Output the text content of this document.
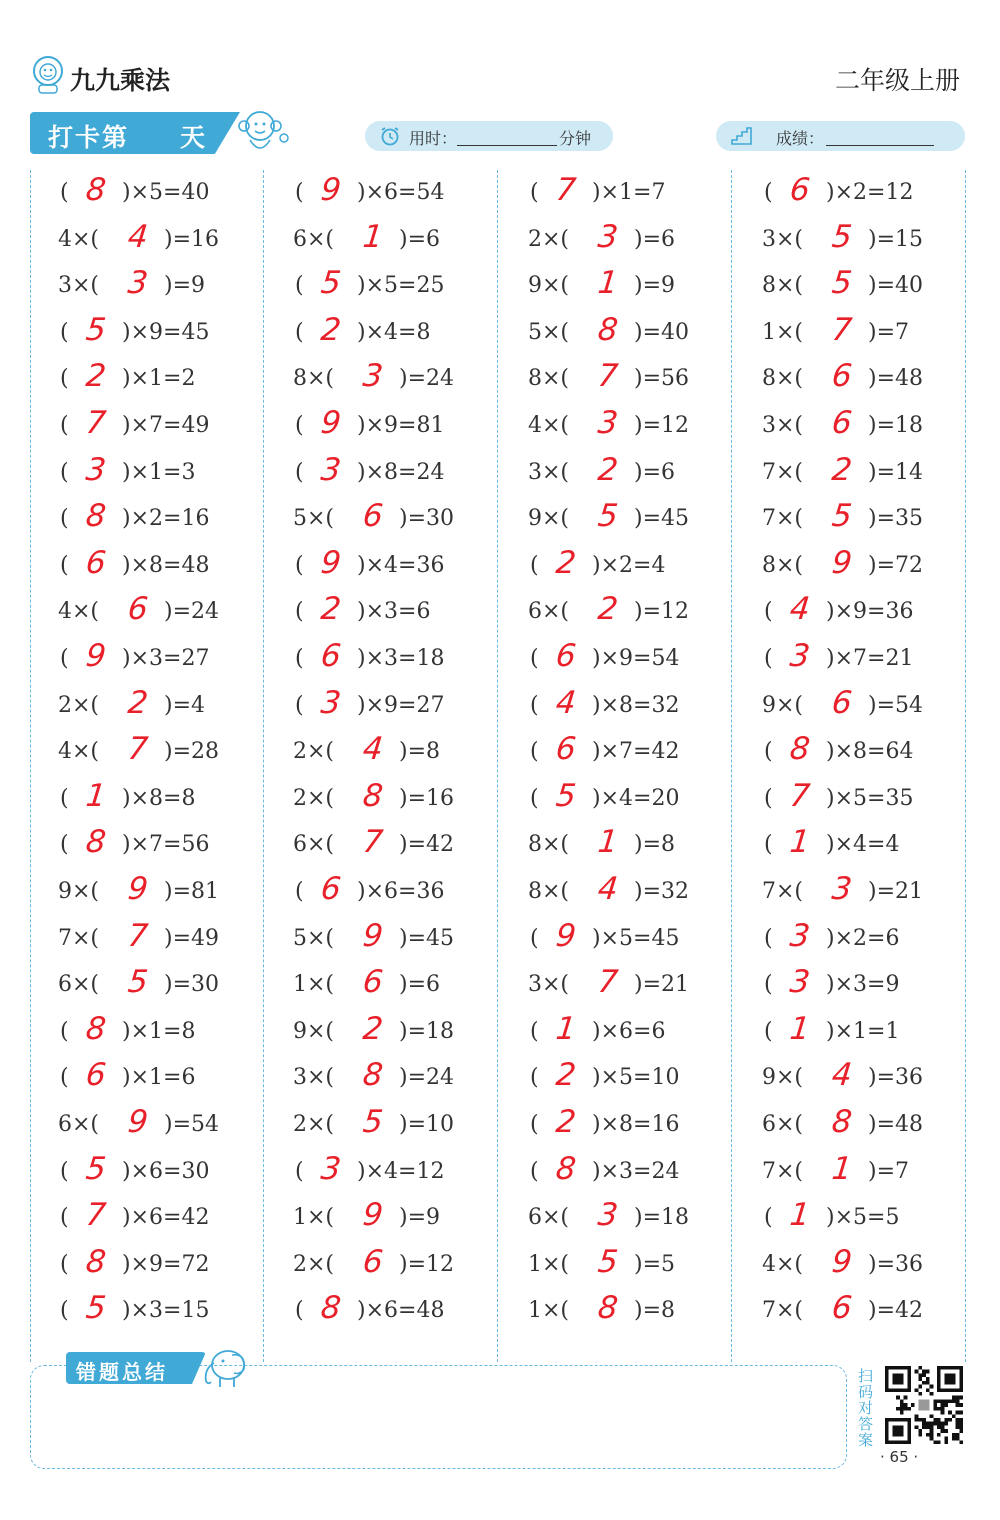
九九乘法	二年级上册
打卡第 天	用时：	分钟	成绩：
( 8 )×5=40
4×( 4 )=16
3×( 3 )=9
( 5 )×9=45
( 2 )×1=2
( 7 )×7=49
( 3 )×1=3
( 8 )×2=16
( 6 )×8=48
4×( 6 )=24
( 9 )×3=27
2×( 2 )=4
4×( 7 )=28
( 1 )×8=8
( 8 )×7=56
9×( 9 )=81
7×( 7 )=49
6×( 5 )=30
( 8 )×1=8
( 6 )×1=6
6×( 9 )=54
( 5 )×6=30
( 7 )×6=42
( 8 )×9=72
( 5 )×3=15
( 9 )×6=54
6×( 1 )=6
( 5 )×5=25
( 2 )×4=8
8×( 3 )=24
( 9 )×9=81
( 3 )×8=24
5×( 6 )=30
( 9 )×4=36
( 2 )×3=6
( 6 )×3=18
( 3 )×9=27
2×( 4 )=8
2×( 8 )=16
6×( 7 )=42
( 6 )×6=36
5×( 9 )=45
1×( 6 )=6
9×( 2 )=18
3×( 8 )=24
2×( 5 )=10
( 3 )×4=12
1×( 9 )=9
2×( 6 )=12
( 8 )×6=48
( 7 )×1=7
2×( 3 )=6
9×( 1 )=9
5×( 8 )=40
8×( 7 )=56
4×( 3 )=12
3×( 2 )=6
9×( 5 )=45
( 2 )×2=4
6×( 2 )=12
( 6 )×9=54
( 4 )×8=32
( 6 )×7=42
( 5 )×4=20
8×( 1 )=8
8×( 4 )=32
( 9 )×5=45
3×( 7 )=21
( 1 )×6=6
( 2 )×5=10
( 2 )×8=16
( 8 )×3=24
6×( 3 )=18
1×( 5 )=5
1×( 8 )=8
( 6 )×2=12
3×( 5 )=15
8×( 5 )=40
1×( 7 )=7
8×( 6 )=48
3×( 6 )=18
7×( 2 )=14
7×( 5 )=35
8×( 9 )=72
( 4 )×9=36
( 3 )×7=21
9×( 6 )=54
( 8 )×8=64
( 7 )×5=35
( 1 )×4=4
7×( 3 )=21
( 3 )×2=6
( 3 )×3=9
( 1 )×1=1
9×( 4 )=36
6×( 8 )=48
7×( 1 )=7
( 1 )×5=5
4×( 9 )=36
7×( 6 )=42
错题总结	扫码对答案
· 65 ·
